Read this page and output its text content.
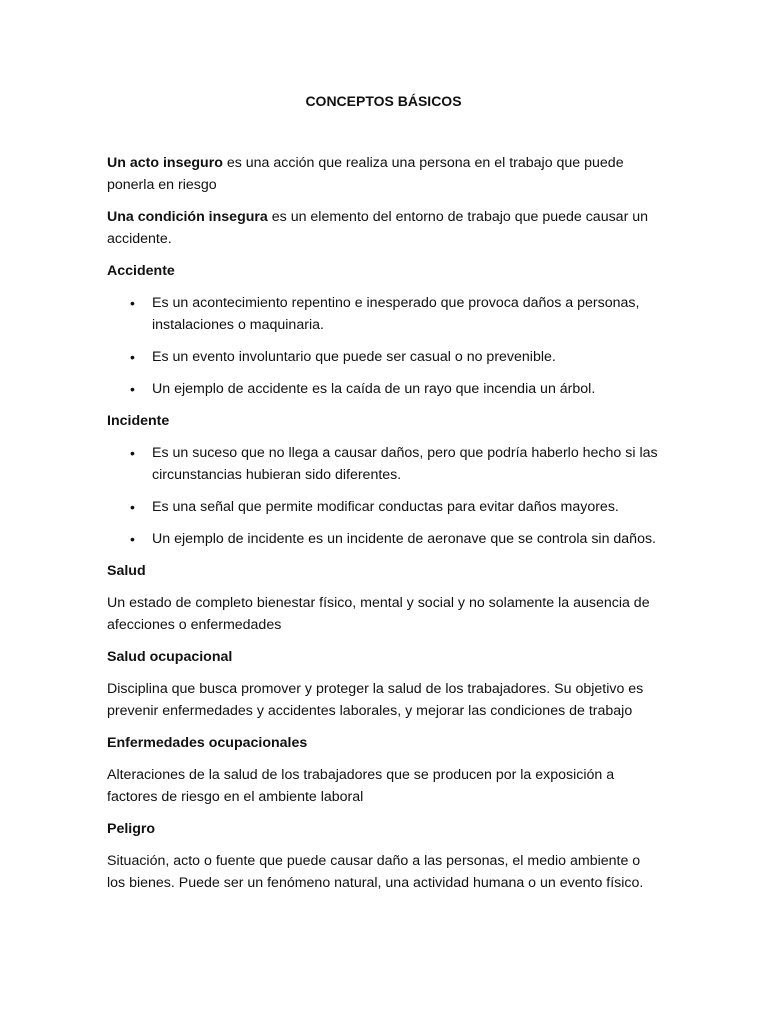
CONCEPTOS BÁSICOS

Un acto inseguro es una acción que realiza una persona en el trabajo que puede ponerla en riesgo

Una condición insegura es un elemento del entorno de trabajo que puede causar un accidente.

Accidente
• Es un acontecimiento repentino e inesperado que provoca daños a personas, instalaciones o maquinaria.
• Es un evento involuntario que puede ser casual o no prevenible.
• Un ejemplo de accidente es la caída de un rayo que incendia un árbol.
Incidente
• Es un suceso que no llega a causar daños, pero que podría haberlo hecho si las circunstancias hubieran sido diferentes.
• Es una señal que permite modificar conductas para evitar daños mayores.
• Un ejemplo de incidente es un incidente de aeronave que se controla sin daños.
Salud

Un estado de completo bienestar físico, mental y social y no solamente la ausencia de afecciones o enfermedades

Salud ocupacional

Disciplina que busca promover y proteger la salud de los trabajadores. Su objetivo es prevenir enfermedades y accidentes laborales, y mejorar las condiciones de trabajo

Enfermedades ocupacionales

Alteraciones de la salud de los trabajadores que se producen por la exposición a factores de riesgo en el ambiente laboral

Peligro

Situación, acto o fuente que puede causar daño a las personas, el medio ambiente o los bienes. Puede ser un fenómeno natural, una actividad humana o un evento físico.
